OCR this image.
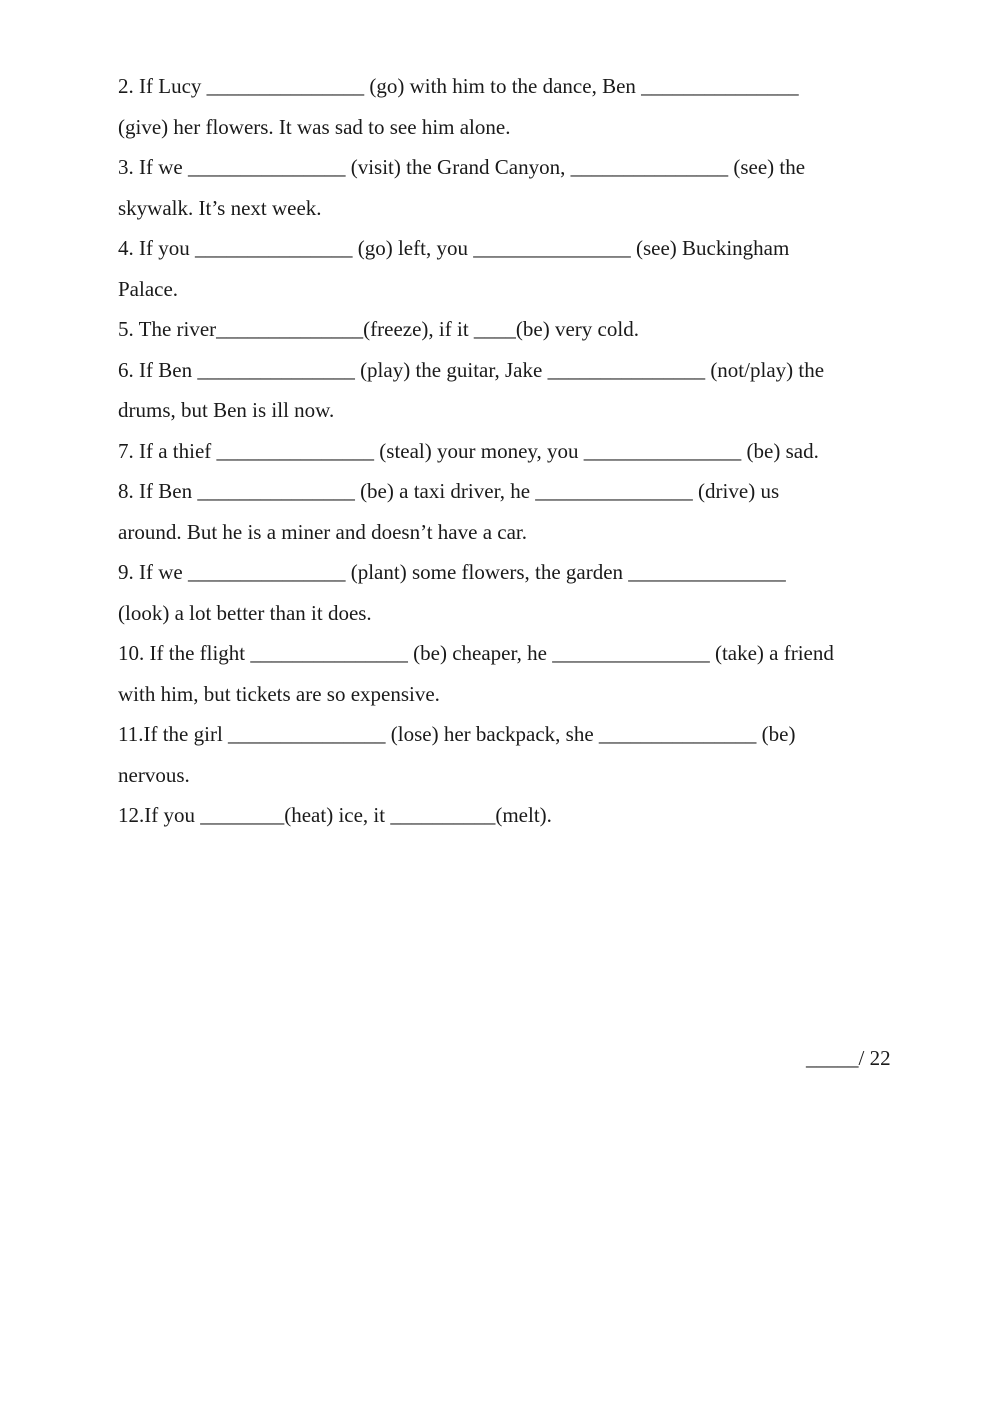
2. If Lucy _______________ (go) with him to the dance, Ben _______________
(give) her flowers. It was sad to see him alone.
3. If we _______________ (visit) the Grand Canyon, _______________ (see) the
skywalk. It’s next week.
4. If you _______________ (go) left, you _______________ (see) Buckingham
Palace.
5. The river______________(freeze), if it ____(be) very cold.
6. If Ben _______________ (play) the guitar, Jake _______________ (not/play) the
drums, but Ben is ill now.
7. If a thief _______________ (steal) your money, you _______________ (be) sad.
8. If Ben _______________ (be) a taxi driver, he _______________ (drive) us
around. But he is a miner and doesn’t have a car.
9. If we _______________ (plant) some flowers, the garden _______________
(look) a lot better than it does.
10. If the flight _______________ (be) cheaper, he _______________ (take) a friend
with him, but tickets are so expensive.
11.If the girl _______________ (lose) her backpack, she _______________ (be)
nervous.
12.If you ________(heat) ice, it __________(melt).
_____/ 22
